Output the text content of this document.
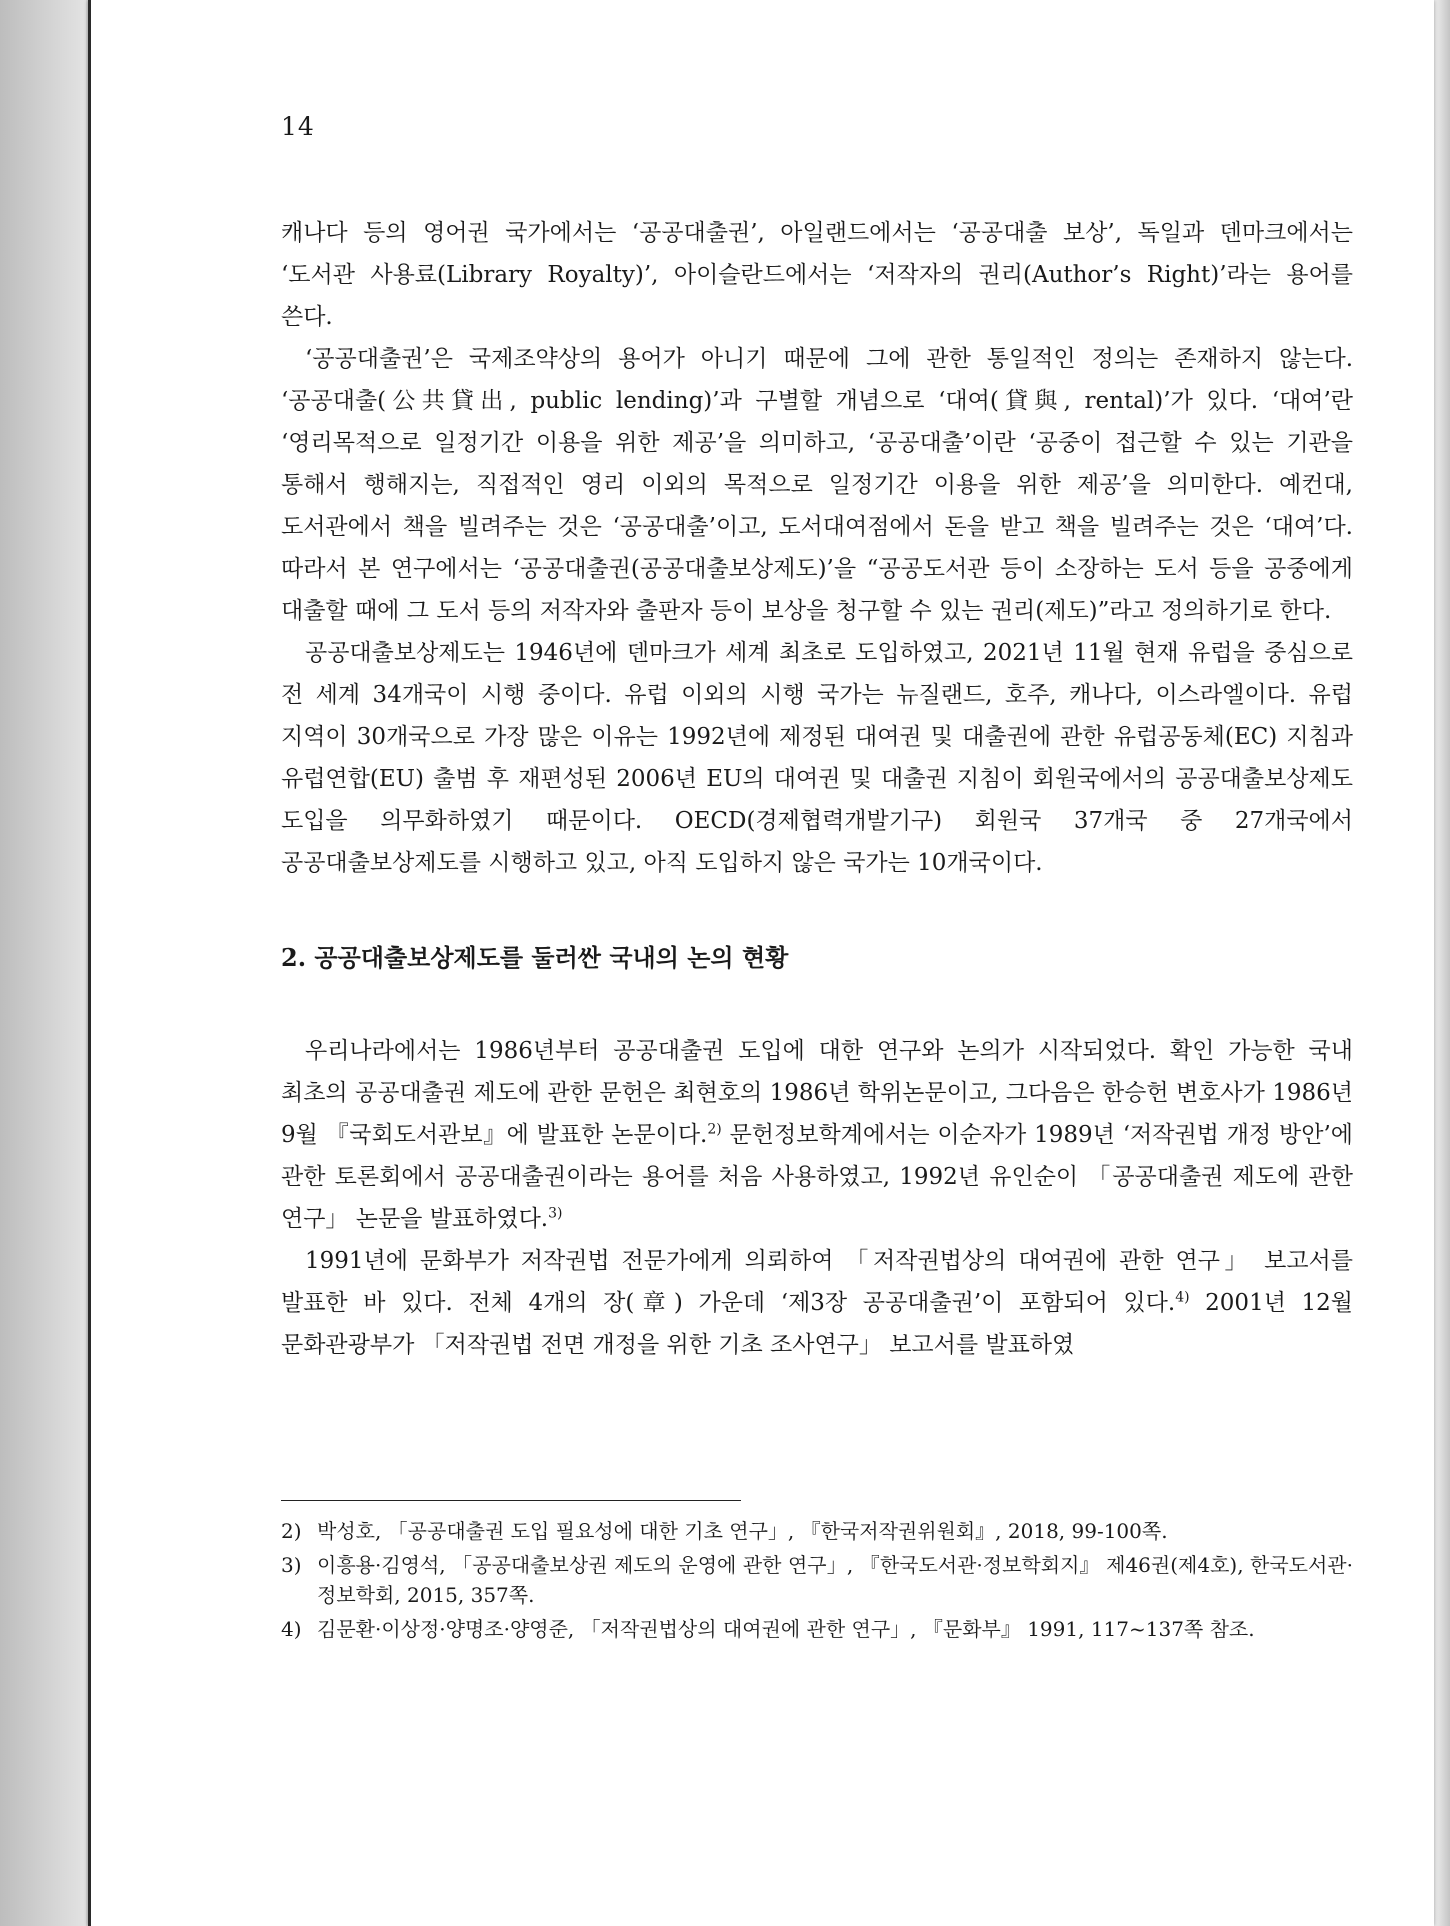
14

캐나다 등의 영어권 국가에서는 ‘공공대출권’, 아일랜드에서는 ‘공공대출 보상’, 독일과 덴마크에서는 ‘도서관 사용료(Library Royalty)’, 아이슬란드에서는 ‘저작자의 권리(Author’s Right)’라는 용어를 쓴다.

‘공공대출권’은 국제조약상의 용어가 아니기 때문에 그에 관한 통일적인 정의는 존재하지 않는다. ‘공공대출(公共貸出, public lending)’과 구별할 개념으로 ‘대여(貸與, rental)’가 있다. ‘대여’란 ‘영리목적으로 일정기간 이용을 위한 제공’을 의미하고, ‘공공대출’이란 ‘공중이 접근할 수 있는 기관을 통해서 행해지는, 직접적인 영리 이외의 목적으로 일정기간 이용을 위한 제공’을 의미한다. 예컨대, 도서관에서 책을 빌려주는 것은 ‘공공대출’이고, 도서대여점에서 돈을 받고 책을 빌려주는 것은 ‘대여’다. 따라서 본 연구에서는 ‘공공대출권(공공대출보상제도)’을 “공공도서관 등이 소장하는 도서 등을 공중에게 대출할 때에 그 도서 등의 저작자와 출판자 등이 보상을 청구할 수 있는 권리(제도)”라고 정의하기로 한다.

공공대출보상제도는 1946년에 덴마크가 세계 최초로 도입하였고, 2021년 11월 현재 유럽을 중심으로 전 세계 34개국이 시행 중이다. 유럽 이외의 시행 국가는 뉴질랜드, 호주, 캐나다, 이스라엘이다. 유럽 지역이 30개국으로 가장 많은 이유는 1992년에 제정된 대여권 및 대출권에 관한 유럽공동체(EC) 지침과 유럽연합(EU) 출범 후 재편성된 2006년 EU의 대여권 및 대출권 지침이 회원국에서의 공공대출보상제도 도입을 의무화하였기 때문이다. OECD(경제협력개발기구) 회원국 37개국 중 27개국에서 공공대출보상제도를 시행하고 있고, 아직 도입하지 않은 국가는 10개국이다.

2. 공공대출보상제도를 둘러싼 국내의 논의 현황

우리나라에서는 1986년부터 공공대출권 도입에 대한 연구와 논의가 시작되었다. 확인 가능한 국내 최초의 공공대출권 제도에 관한 문헌은 최현호의 1986년 학위논문이고, 그다음은 한승헌 변호사가 1986년 9월 『국회도서관보』에 발표한 논문이다.$^{2)}$ 문헌정보학계에서는 이순자가 1989년 ‘저작권법 개정 방안’에 관한 토론회에서 공공대출권이라는 용어를 처음 사용하였고, 1992년 유인순이 「공공대출권 제도에 관한 연구」 논문을 발표하였다.$^{3)}$

1991년에 문화부가 저작권법 전문가에게 의뢰하여 「저작권법상의 대여권에 관한 연구」 보고서를 발표한 바 있다. 전체 4개의 장(章) 가운데 ‘제3장 공공대출권’이 포함되어 있다.$^{4)}$ 2001년 12월 문화관광부가 「저작권법 전면 개정을 위한 기초 조사연구」 보고서를 발표하였

2) 박성호, 「공공대출권 도입 필요성에 대한 기초 연구」, 『한국저작권위원회』, 2018, 99-100쪽.
3) 이흥용·김영석, 「공공대출보상권 제도의 운영에 관한 연구」, 『한국도서관·정보학회지』 제46권(제4호), 한국도서관·정보학회, 2015, 357쪽.
4) 김문환·이상정·양명조·양영준, 「저작권법상의 대여권에 관한 연구」, 『문화부』 1991, 117~137쪽 참조.
